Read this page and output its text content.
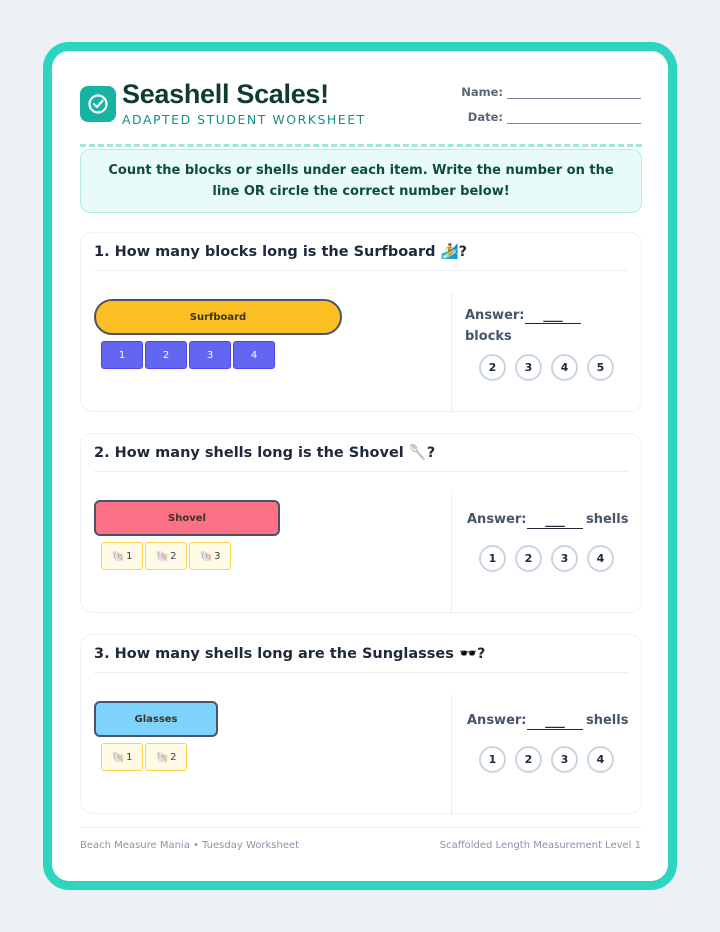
Seashell Scales!
ADAPTED STUDENT WORKSHEET
Name:
Date:
Count the blocks or shells under each item. Write the number on the line OR circle the correct number below!
1. How many blocks long is the Surfboard 🏄?
Surfboard
1	2	3	4
Answer:	___
blocks
2	3	4	5
2. How many shells long is the Shovel 🥄?
Shovel
🐚 1 🐚 2 🐚 3
Answer:	___	shells
1	2	3	4
3. How many shells long are the Sunglasses 🕶️?
Glasses
🐚 1 🐚 2
Answer:	___	shells
1	2	3	4
Beach Measure Mania • Tuesday Worksheet	Scaffolded Length Measurement Level 1
